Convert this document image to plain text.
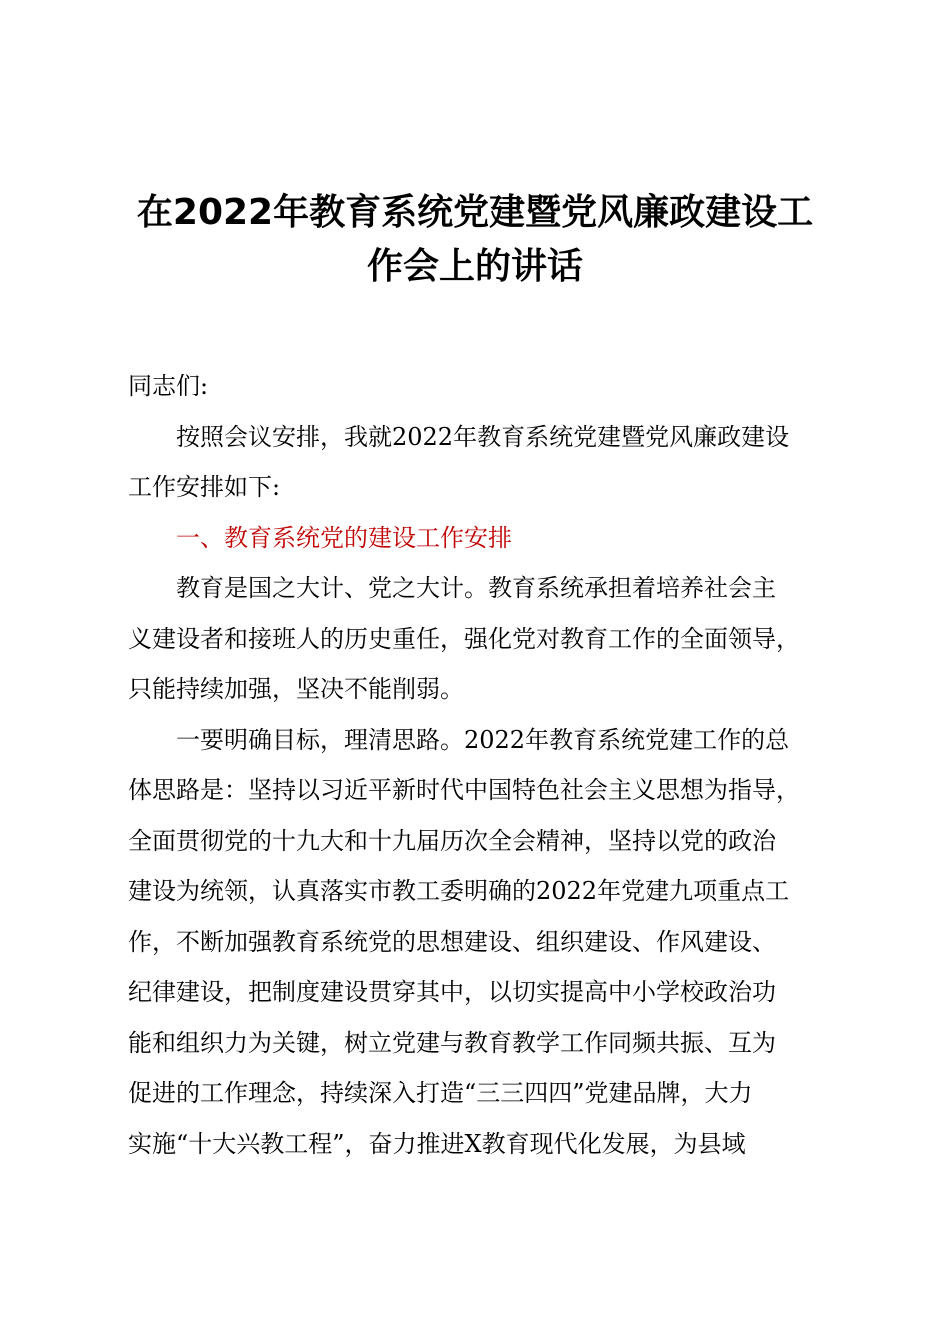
在2022年教育系统党建暨党风廉政建设工
作会上的讲话

同志们:

按照会议安排，我就2022年教育系统党建暨党风廉政建设
工作安排如下:

一、教育系统党的建设工作安排

教育是国之大计、党之大计。教育系统承担着培养社会主
义建设者和接班人的历史重任，强化党对教育工作的全面领导，
只能持续加强，坚决不能削弱。

一要明确目标，理清思路。2022年教育系统党建工作的总
体思路是：坚持以习近平新时代中国特色社会主义思想为指导，
全面贯彻党的十九大和十九届历次全会精神，坚持以党的政治
建设为统领，认真落实市教工委明确的2022年党建九项重点工
作，不断加强教育系统党的思想建设、组织建设、作风建设、
纪律建设，把制度建设贯穿其中，以切实提高中小学校政治功
能和组织力为关键，树立党建与教育教学工作同频共振、互为
促进的工作理念，持续深入打造“三三四四”党建品牌，大力
实施“十大兴教工程”，奋力推进X教育现代化发展，为县域
